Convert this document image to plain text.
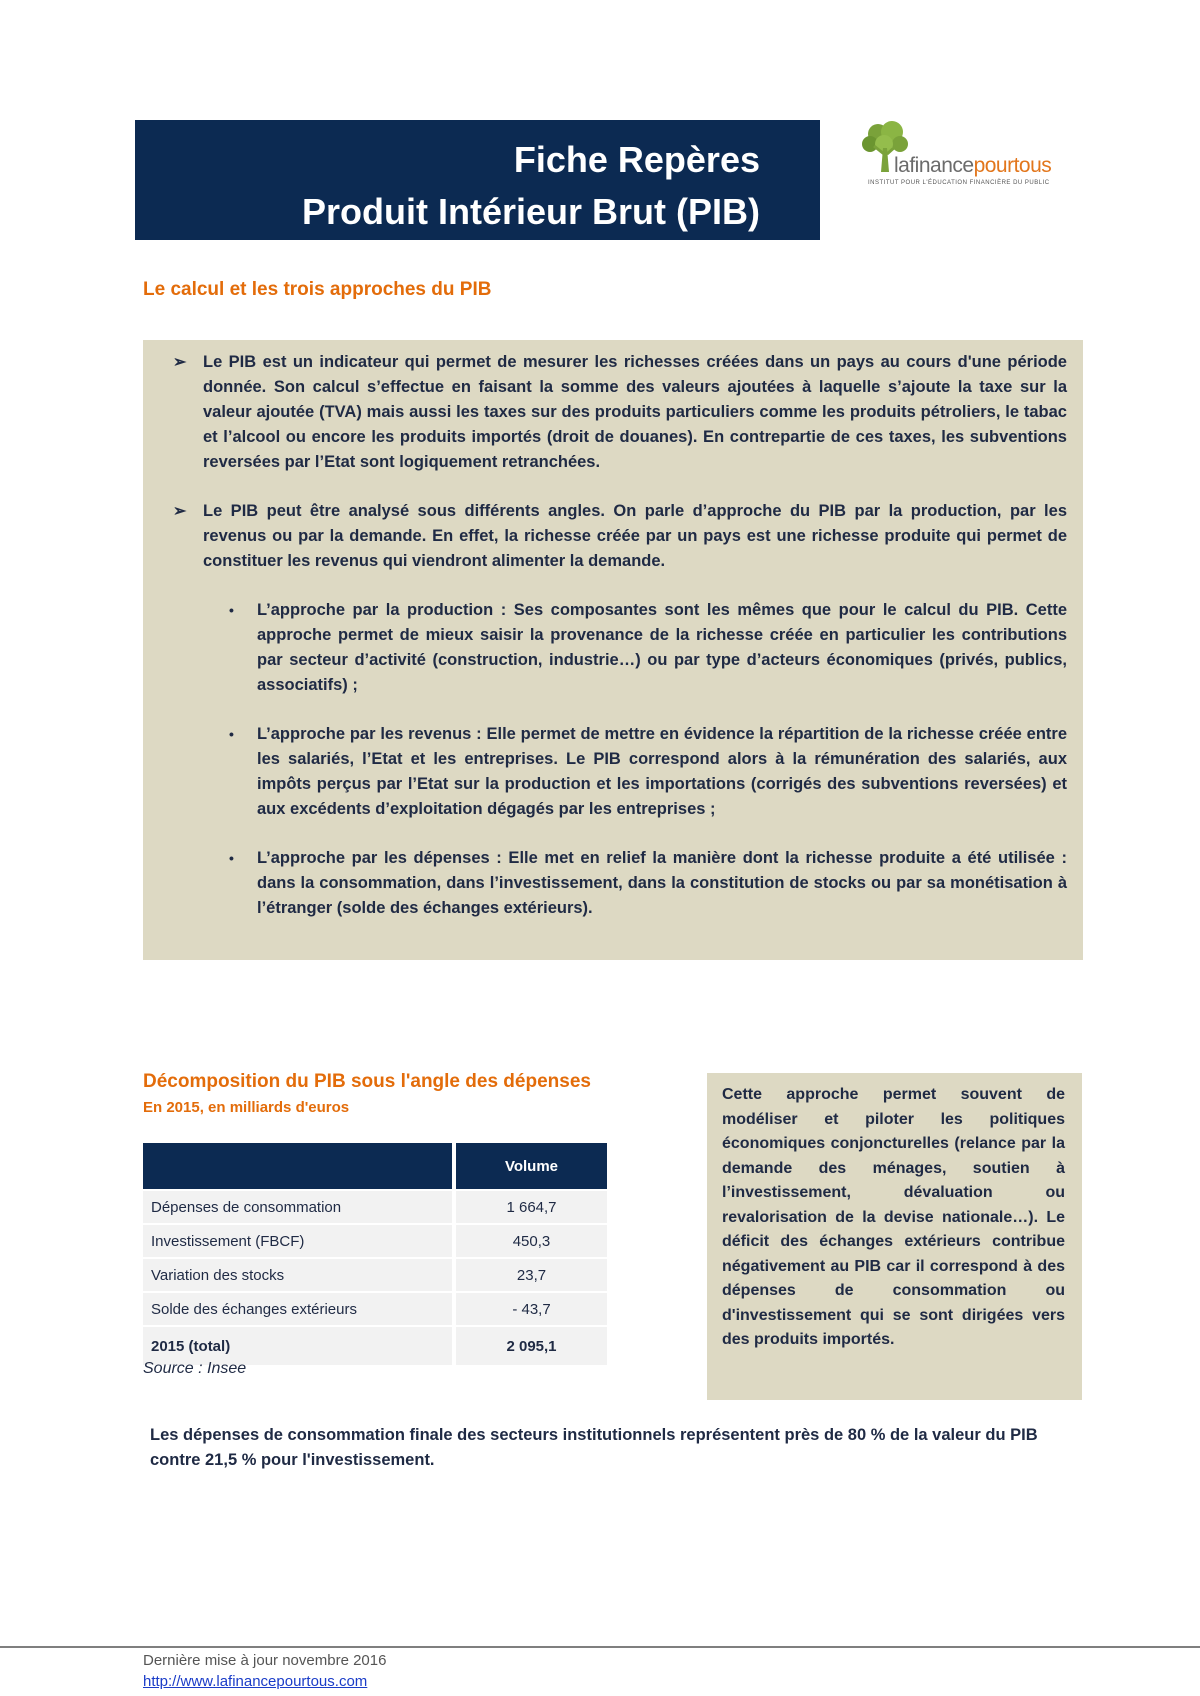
Fiche Repères
Produit Intérieur Brut (PIB)
lafinancepourtous
INSTITUT POUR L'ÉDUCATION FINANCIÈRE DU PUBLIC
Le calcul et les trois approches du PIB
➢ Le PIB est un indicateur qui permet de mesurer les richesses créées dans un pays au cours d'une période donnée. Son calcul s’effectue en faisant la somme des valeurs ajoutées à laquelle s’ajoute la taxe sur la valeur ajoutée (TVA) mais aussi les taxes sur des produits particuliers comme les produits pétroliers, le tabac et l’alcool ou encore les produits importés (droit de douanes). En contrepartie de ces taxes, les subventions reversées par l’Etat sont logiquement retranchées.
➢ Le PIB peut être analysé sous différents angles. On parle d’approche du PIB par la production, par les revenus ou par la demande. En effet, la richesse créée par un pays est une richesse produite qui permet de constituer les revenus qui viendront alimenter la demande.
• L’approche par la production : Ses composantes sont les mêmes que pour le calcul du PIB. Cette approche permet de mieux saisir la provenance de la richesse créée en particulier les contributions par secteur d’activité (construction, industrie…) ou par type d’acteurs économiques (privés, publics, associatifs) ;
• L’approche par les revenus : Elle permet de mettre en évidence la répartition de la richesse créée entre les salariés, l’Etat et les entreprises. Le PIB correspond alors à la rémunération des salariés, aux impôts perçus par l’Etat sur la production et les importations (corrigés des subventions reversées) et aux excédents d’exploitation dégagés par les entreprises ;
• L’approche par les dépenses : Elle met en relief la manière dont la richesse produite a été utilisée : dans la consommation, dans l’investissement, dans la constitution de stocks ou par sa monétisation à l’étranger (solde des échanges extérieurs).
Décomposition du PIB sous l'angle des dépenses
En 2015, en milliards d'euros
	Volume
Dépenses de consommation	1 664,7
Investissement (FBCF)	450,3
Variation des stocks	23,7
Solde des échanges extérieurs	- 43,7
2015 (total)	2 095,1
Source : Insee
Cette approche permet souvent de modéliser et piloter les politiques économiques conjoncturelles (relance par la demande des ménages, soutien à l’investissement, dévaluation ou revalorisation de la devise nationale…). Le déficit des échanges extérieurs contribue négativement au PIB car il correspond à des dépenses de consommation ou d'investissement qui se sont dirigées vers des produits importés.
Les dépenses de consommation finale des secteurs institutionnels représentent près de 80 % de la valeur du PIB contre 21,5 % pour l'investissement.
Dernière mise à jour novembre 2016
http://www.lafinancepourtous.com
